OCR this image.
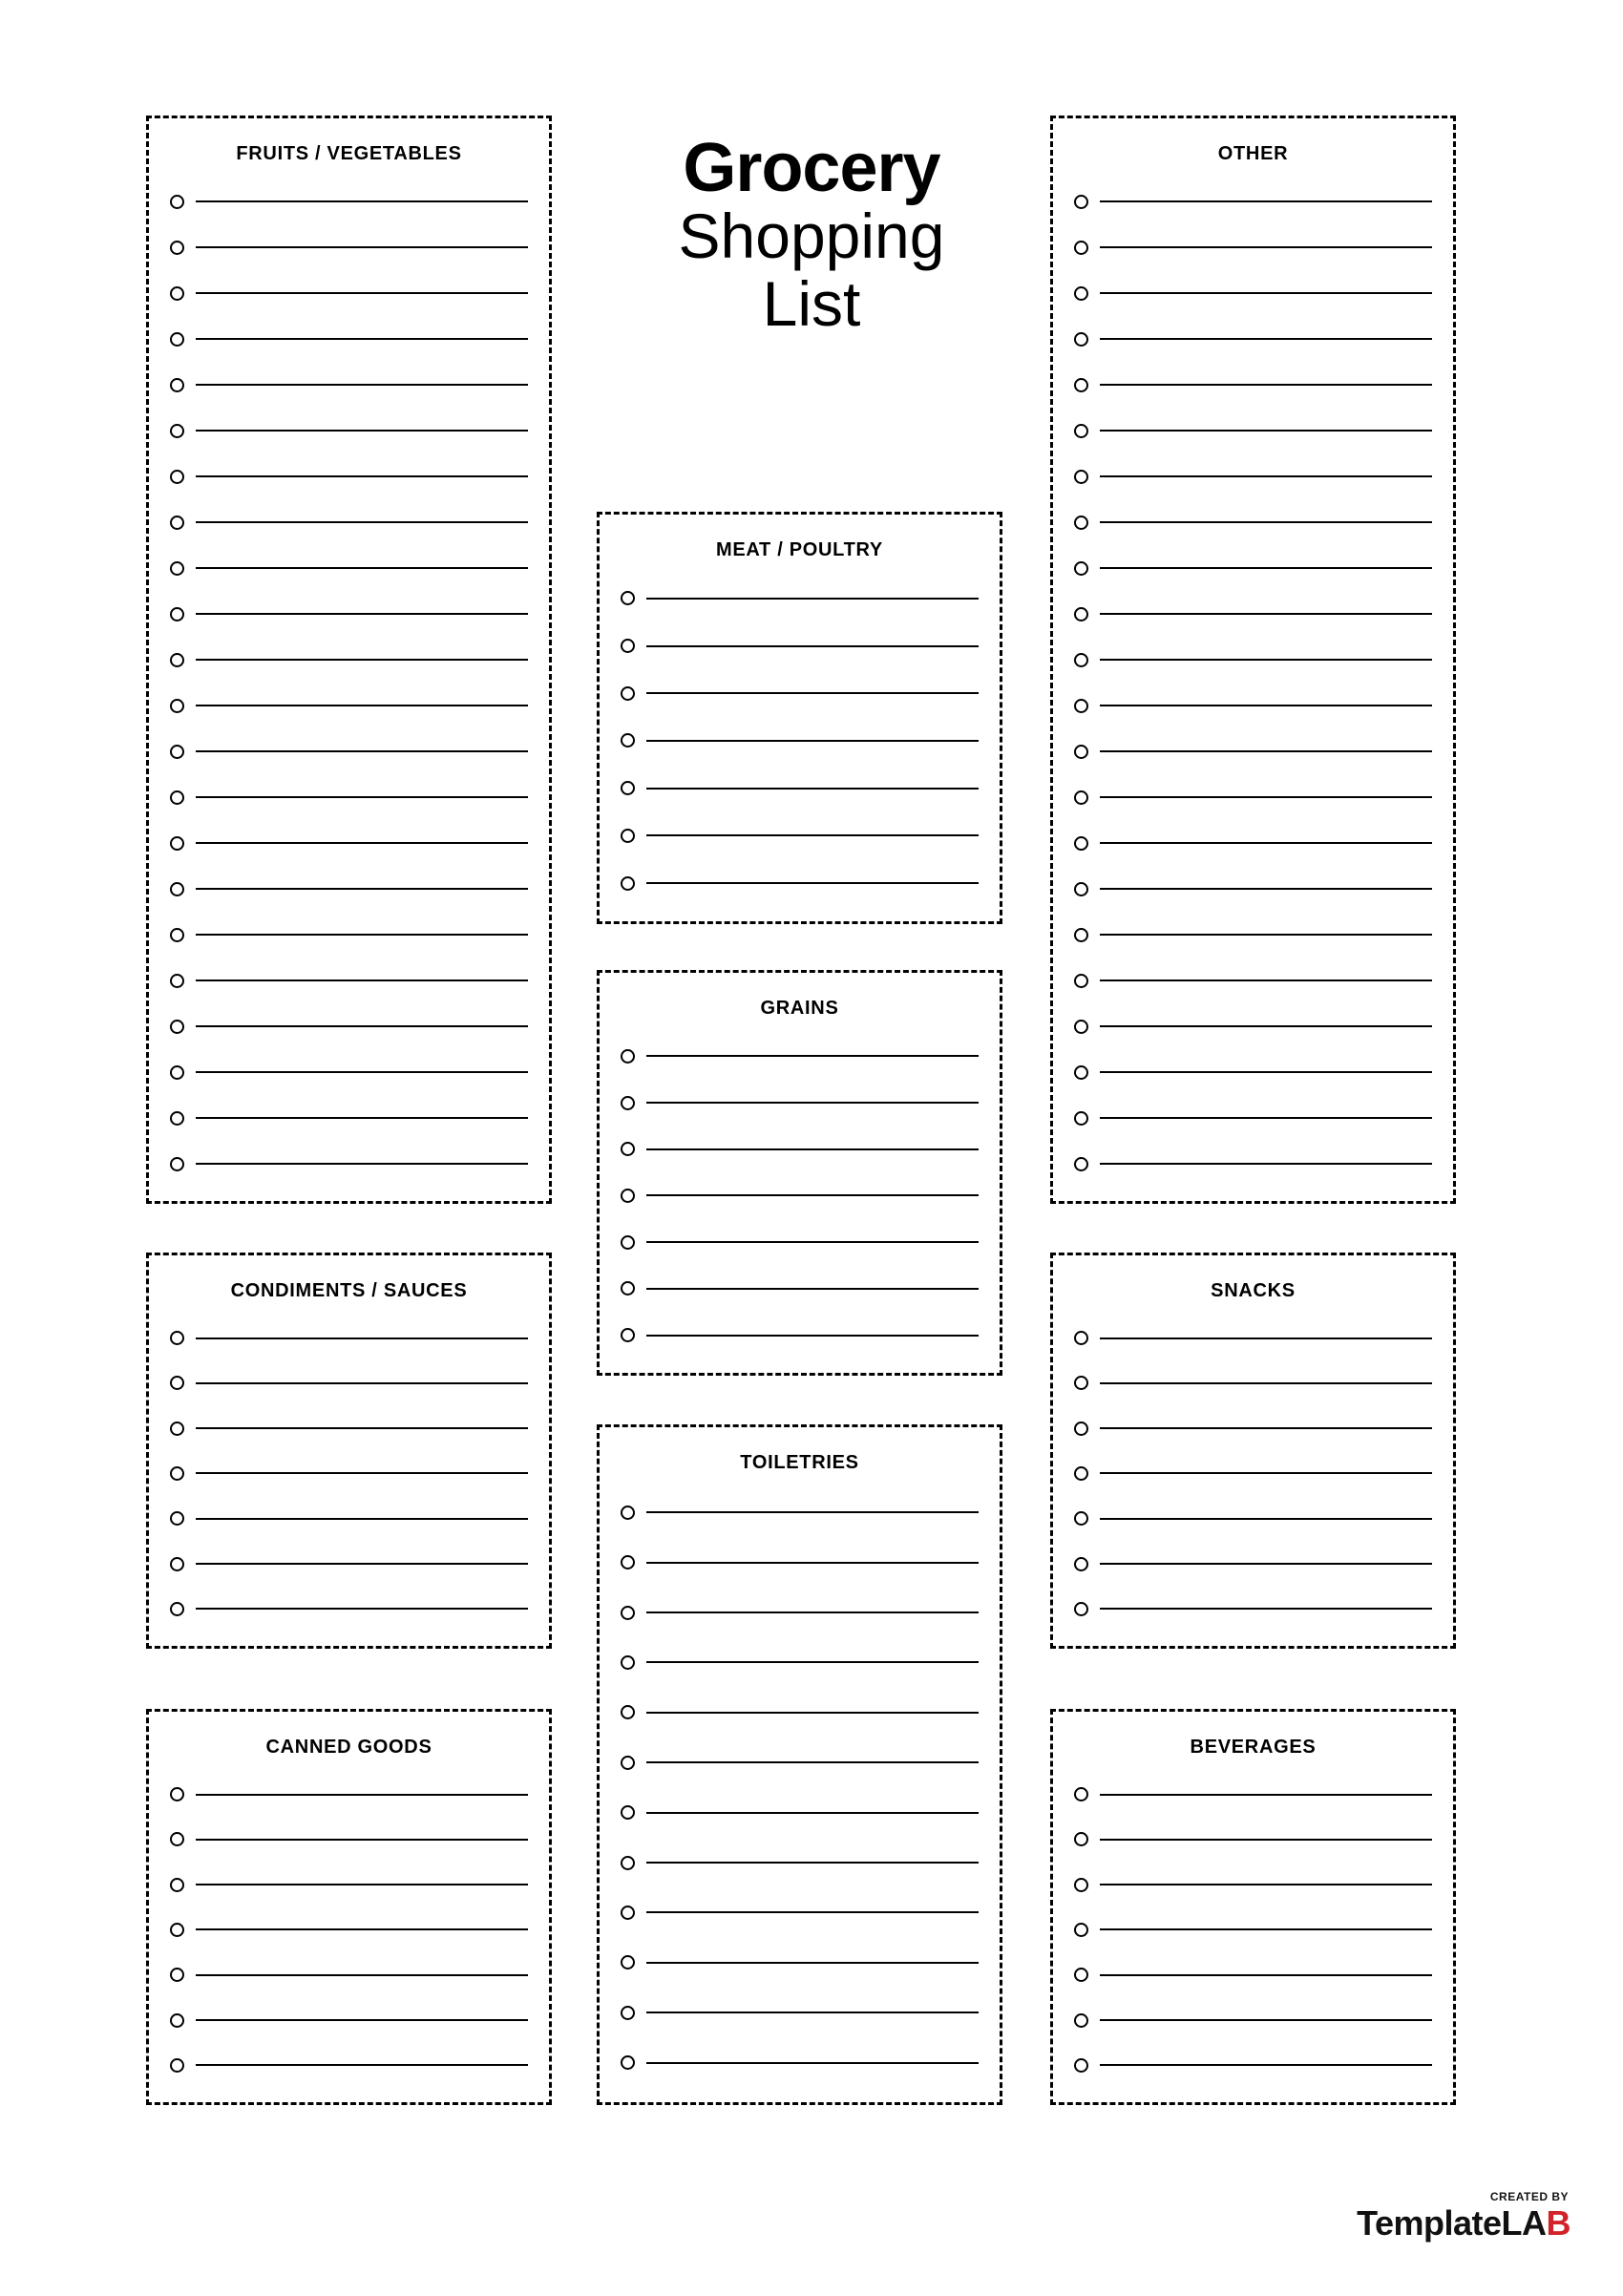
Grocery
Shopping
List
FRUITS / VEGETABLES
CONDIMENTS / SAUCES
CANNED GOODS
MEAT / POULTRY
GRAINS
TOILETRIES
OTHER
SNACKS
BEVERAGES
CREATED BY
TemplateLAB
